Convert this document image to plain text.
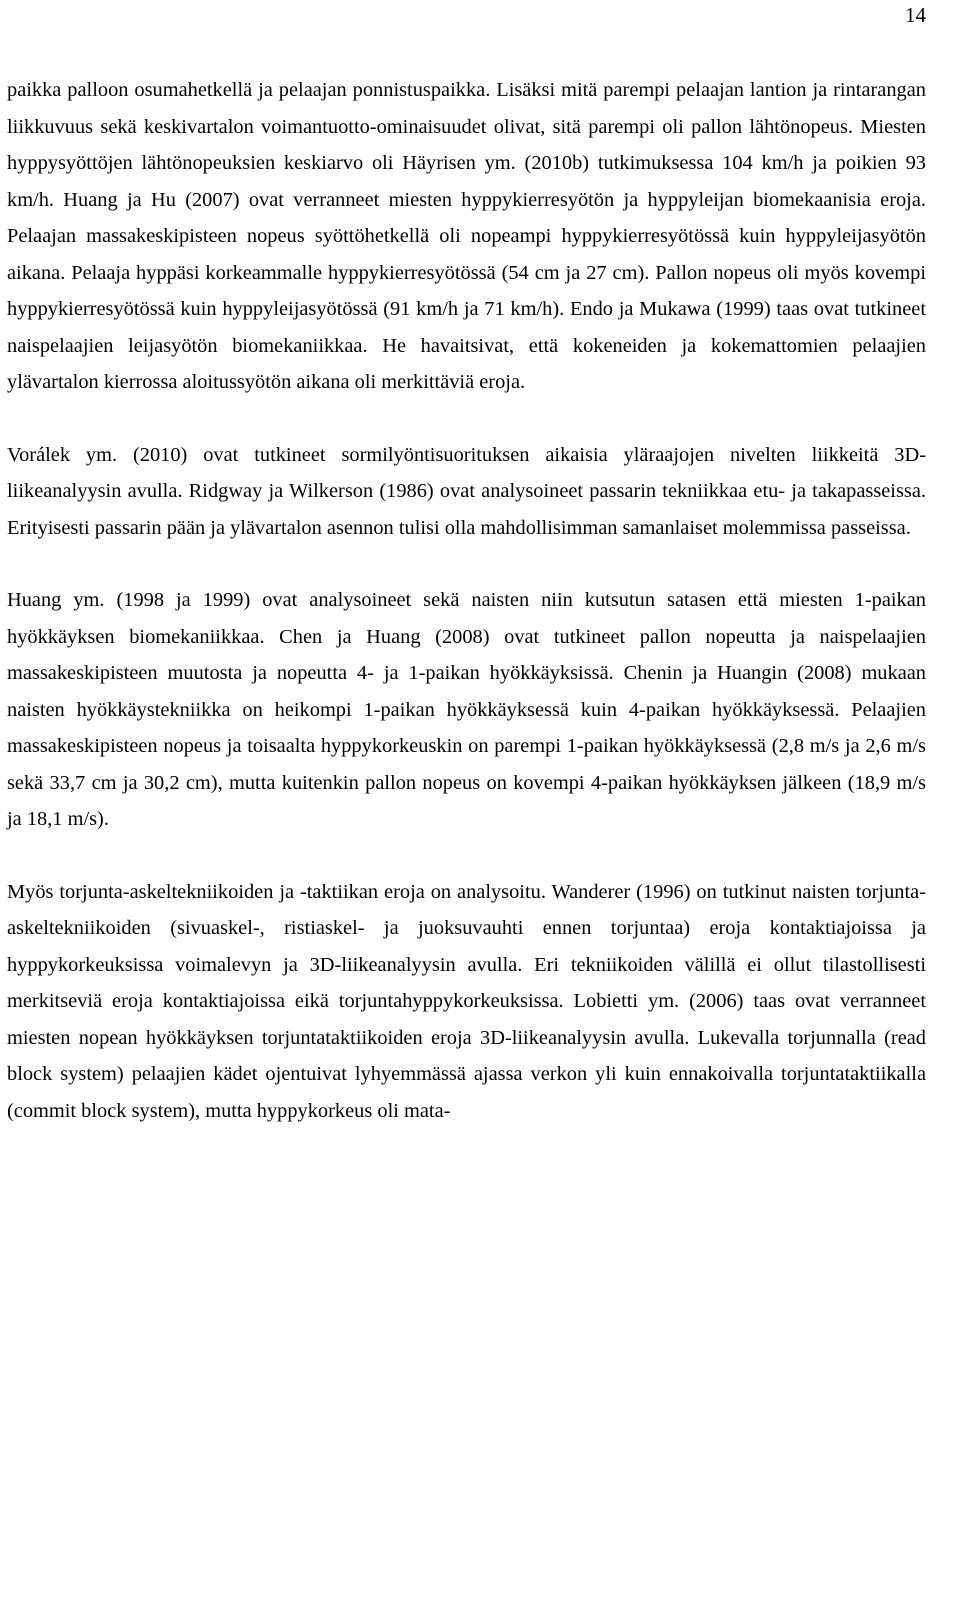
14

paikka palloon osumahetkellä ja pelaajan ponnistuspaikka. Lisäksi mitä parempi pelaajan lantion ja rintarangan liikkuvuus sekä keskivartalon voimantuotto-ominaisuudet olivat, sitä parempi oli pallon lähtönopeus. Miesten hyppysyöttöjen lähtönopeuksien keskiarvo oli Häyrisen ym. (2010b) tutkimuksessa 104 km/h ja poikien 93 km/h. Huang ja Hu (2007) ovat verranneet miesten hyppykierresyötön ja hyppyleijan biomekaanisia eroja. Pelaajan massakeskipisteen nopeus syöttöhetkellä oli nopeampi hyppykierresyötössä kuin hyppyleijasyötön aikana. Pelaaja hyppäsi korkeammalle hyppykierresyötössä (54 cm ja 27 cm). Pallon nopeus oli myös kovempi hyppykierresyötössä kuin hyppyleijasyötössä (91 km/h ja 71 km/h). Endo ja Mukawa (1999) taas ovat tutkineet naispelaajien leijasyötön biomekaniikkaa. He havaitsivat, että kokeneiden ja kokemattomien pelaajien ylävartalon kierrossa aloitussyötön aikana oli merkittäviä eroja.

Vorálek ym. (2010) ovat tutkineet sormilyöntisuorituksen aikaisia yläraajojen nivelten liikkeitä 3D-liikeanalyysin avulla. Ridgway ja Wilkerson (1986) ovat analysoineet passarin tekniikkaa etu- ja takapasseissa. Erityisesti passarin pään ja ylävartalon asennon tulisi olla mahdollisimman samanlaiset molemmissa passeissa.

Huang ym. (1998 ja 1999) ovat analysoineet sekä naisten niin kutsutun satasen että miesten 1-paikan hyökkäyksen biomekaniikkaa. Chen ja Huang (2008) ovat tutkineet pallon nopeutta ja naispelaajien massakeskipisteen muutosta ja nopeutta 4- ja 1-paikan hyökkäyksissä. Chenin ja Huangin (2008) mukaan naisten hyökkäystekniikka on heikompi 1-paikan hyökkäyksessä kuin 4-paikan hyökkäyksessä. Pelaajien massakeskipisteen nopeus ja toisaalta hyppykorkeuskin on parempi 1-paikan hyökkäyksessä (2,8 m/s ja 2,6 m/s sekä 33,7 cm ja 30,2 cm), mutta kuitenkin pallon nopeus on kovempi 4-paikan hyökkäyksen jälkeen (18,9 m/s ja 18,1 m/s).

Myös torjunta-askeltekniikoiden ja -taktiikan eroja on analysoitu. Wanderer (1996) on tutkinut naisten torjunta-askeltekniikoiden (sivuaskel-, ristiaskel- ja juoksuvauhti ennen torjuntaa) eroja kontaktiajoissa ja hyppykorkeuksissa voimalevyn ja 3D-liikeanalyysin avulla. Eri tekniikoiden välillä ei ollut tilastollisesti merkitseviä eroja kontaktiajoissa eikä torjuntahyppykorkeuksissa. Lobietti ym. (2006) taas ovat verranneet miesten nopean hyökkäyksen torjuntataktiikoiden eroja 3D-liikeanalyysin avulla. Lukevalla torjunnalla (read block system) pelaajien kädet ojentuivat lyhyemmässä ajassa verkon yli kuin ennakoivalla torjuntataktiikalla (commit block system), mutta hyppykorkeus oli mata-
